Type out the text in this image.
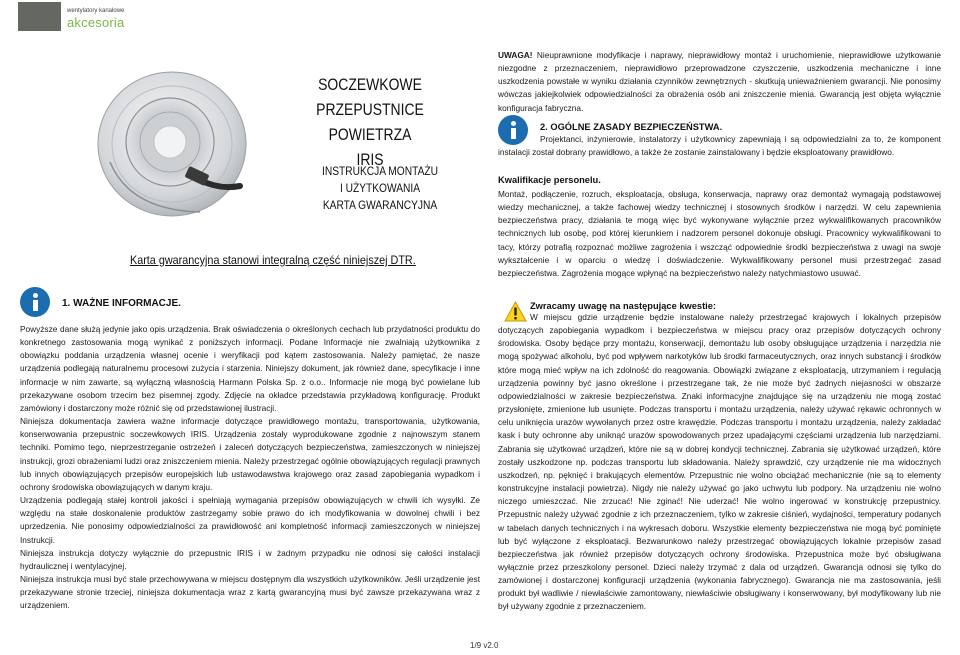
wentylatory kanałowe
akcesoria
SOCZEWKOWE PRZEPUSTNICE
POWIETRZA
IRIS
INSTRUKCJA MONTAŻU
I UŻYTKOWANIA
KARTA GWARANCYJNA
Karta gwarancyjna stanowi integralną część niniejszej DTR.
1. WAŻNE INFORMACJE.

Powyższe dane służą jedynie jako opis urządzenia. Brak oświadczenia o określonych cechach lub przydatności produktu do konkretnego zastosowania mogą wynikać z poniższych informacji. Podane Informacje nie zwalniają użytkownika z obowiązku poddania urządzenia własnej ocenie i weryfikacji pod kątem zastosowania. Należy pamiętać, że nasze urządzenia podlegają naturalnemu procesowi zużycia i starzenia. Niniejszy dokument, jak również dane, specyfikacje i inne informacje w nim zawarte, są wyłączną własnością Harmann Polska Sp. z o.o.. Informacje nie mogą być powielane lub przekazywane osobom trzecim bez pisemnej zgody. Zdjęcie na okładce przedstawia przykładową konfigurację. Produkt zamówiony i dostarczony może różnić się od przedstawionej ilustracji.

Niniejsza dokumentacja zawiera ważne informacje dotyczące prawidłowego montażu, transportowania, użytkowania, konserwowania przepustnic soczewkowych IRIS. Urządzenia zostały wyprodukowane zgodnie z najnowszym stanem techniki. Pomimo tego, nieprzestrzeganie ostrzeżeń i zaleceń dotyczących bezpieczeństwa, zamieszczonych w niniejszej instrukcji, grozi obrażeniami ludzi oraz zniszczeniem mienia. Należy przestrzegać ogólnie obowiązujących regulacji prawnych lub innych obowiązujących przepisów europejskich lub ustawodawstwa krajowego oraz zasad zapobiegania wypadkom i ochrony środowiska obowiązujących w danym kraju.

Urządzenia podlegają stałej kontroli jakości i spełniają wymagania przepisów obowiązujących w chwili ich wysyłki. Ze względu na stałe doskonalenie produktów zastrzegamy sobie prawo do ich modyfikowania w dowolnej chwili i bez uprzedzenia. Nie ponosimy odpowiedzialności za prawidłowość ani kompletność informacji zamieszczonych w niniejszej Instrukcji.

Niniejsza instrukcja dotyczy wyłącznie do przepustnic IRIS i w żadnym przypadku nie odnosi się całości instalacji hydraulicznej i wentylacyjnej.

Niniejsza instrukcja musi być stale przechowywana w miejscu dostępnym dla wszystkich użytkowników. Jeśli urządzenie jest przekazywane stronie trzeciej, niniejsza dokumentacja wraz z kartą gwarancyjną musi być zawsze przekazywana wraz z urządzeniem.

UWAGA! Nieuprawnione modyfikacje i naprawy, nieprawidłowy montaż i uruchomienie, nieprawidłowe użytkowanie niezgodne z przeznaczeniem, nieprawidłowo przeprowadzone czyszczenie, uszkodzenia mechaniczne i inne uszkodzenia powstałe w wyniku działania czynników zewnętrznych - skutkują unieważnieniem gwarancji. Nie ponosimy wówczas jakiejkolwiek odpowiedzialności za obrażenia osób ani zniszczenie mienia. Gwarancją jest objęta wyłącznie konfiguracja fabryczna.

2. OGÓLNE ZASADY BEZPIECZEŃSTWA.
Projektanci, inżynierowie, instalatorzy i użytkownicy zapewniają i są odpowiedzialni za to, że komponent instalacji został dobrany prawidłowo, a także że zostanie zainstalowany i będzie eksploatowany prawidłowo.
Kwalifikacje personelu.
Montaż, podłączenie, rozruch, eksploatacja, obsługa, konserwacja, naprawy oraz demontaż wymagają podstawowej wiedzy mechanicznej, a także fachowej wiedzy technicznej i stosownych środków i narzędzi. W celu zapewnienia bezpieczeństwa pracy, działania te mogą więc być wykonywane wyłącznie przez wykwalifikowanych pracowników technicznych lub osobę, pod której kierunkiem i nadzorem personel dokonuje obsługi. Pracownicy wykwalifikowani to tacy, którzy potrafią rozpoznać możliwe zagrożenia i wszcząć odpowiednie środki bezpieczeństwa z uwagi na swoje wykształcenie i w oparciu o wiedzę i doświadczenie. Wykwalifikowany personel musi przestrzegać zasad bezpieczeństwa. Zagrożenia mogące wpłynąć na bezpieczeństwo należy natychmiastowo usuwać.
Zwracamy uwagę na następujące kwestie:
W miejscu gdzie urządzenie będzie instalowane należy przestrzegać krajowych i lokalnych przepisów dotyczących zapobiegania wypadkom i bezpieczeństwa w miejscu pracy oraz przepisów dotyczących ochrony środowiska. Osoby będące przy montażu, konserwacji, demontażu lub osoby obsługujące urządzenia i narzędzia nie mogą spożywać alkoholu, być pod wpływem narkotyków lub środki farmaceutycznych, oraz innych substancji i środków które mogą mieć wpływ na ich zdolność do reagowania. Obowiązki związane z eksploatacją, utrzymaniem i regulacją urządzenia powinny być jasno określone i przestrzegane tak, że nie może być żadnych niejasności w obszarze odpowiedzialności w zakresie bezpieczeństwa. Znaki informacyjne znajdujące się na urządzeniu nie mogą zostać przysłonięte, zmienione lub usunięte. Podczas transportu i montażu urządzenia, należy używać rękawic ochronnych w celu uniknięcia urazów wywołanych przez ostre krawędzie. Podczas transportu i montażu urządzenia, należy zakładać kask i buty ochronne aby uniknąć urazów spowodowanych przez upadającymi częściami urządzenia lub narzędziami. Zabrania się użytkować urządzeń, które nie są w dobrej kondycji technicznej. Zabrania się użytkować urządzeń, które zostały uszkodzone np. podczas transportu lub składowania. Należy sprawdzić, czy urządzenie nie ma widocznych uszkodzeń, np. pęknięć i brakujących elementów. Przepustnic nie wolno obciążać mechanicznie (nie są to elementy konstrukcyjne instalacji powietrza). Nigdy nie należy używać go jako uchwytu lub podpory. Na urządzeniu nie wolno niczego umieszczać. Nie zrzucać! Nie zginać! Nie uderzać! Nie wolno ingerować w konstrukcję przepustnicy. Przepustnic należy używać zgodnie z ich przeznaczeniem, tylko w zakresie ciśnień, wydajności, temperatury podanych w tabelach danych technicznych i na wykresach doboru. Wszystkie elementy bezpieczeństwa nie mogą być pominięte lub być wyłączone z eksploatacji. Bezwarunkowo należy przestrzegać obowiązujących lokalnie przepisów zasad bezpieczeństwa jak również przepisów dotyczących ochrony środowiska. Przepustnica może być obsługiwana wyłącznie przez przeszkolony personel. Dzieci należy trzymać z dala od urządzeń. Gwarancja odnosi się tylko do zamówionej i dostarczonej konfiguracji urządzenia (wykonania fabrycznego). Gwarancja nie ma zastosowania, jeśli produkt był wadliwie / niewłaściwie zamontowany, niewłaściwie obsługiwany i konserwowany, był modyfikowany lub nie był używany zgodnie z przeznaczeniem.
1/9 v2.0
